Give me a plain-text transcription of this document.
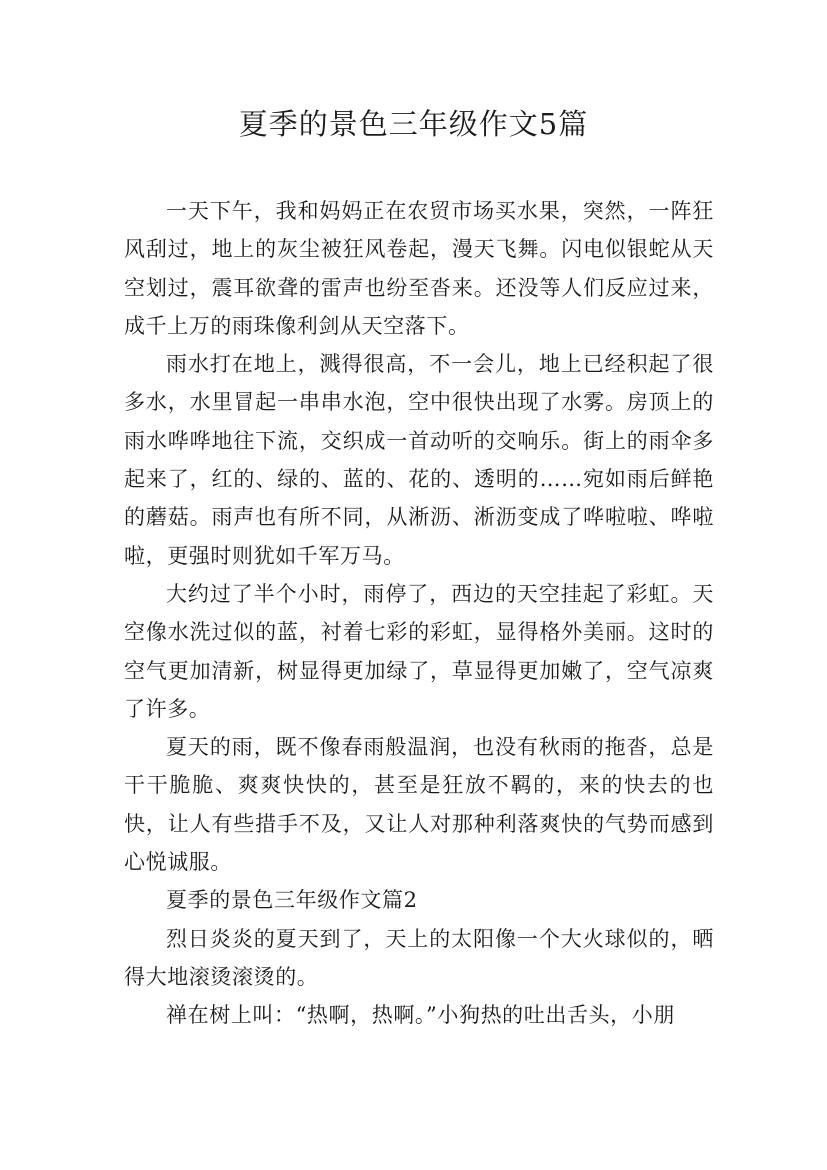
夏季的景色三年级作文5篇

一天下午，我和妈妈正在农贸市场买水果，突然，一阵狂风刮过，地上的灰尘被狂风卷起，漫天飞舞。闪电似银蛇从天空划过，震耳欲聋的雷声也纷至沓来。还没等人们反应过来，成千上万的雨珠像利剑从天空落下。

雨水打在地上，溅得很高，不一会儿，地上已经积起了很多水，水里冒起一串串水泡，空中很快出现了水雾。房顶上的雨水哗哗地往下流，交织成一首动听的交响乐。街上的雨伞多起来了，红的、绿的、蓝的、花的、透明的……宛如雨后鲜艳的蘑菇。雨声也有所不同，从淅沥、淅沥变成了哗啦啦、哗啦啦，更强时则犹如千军万马。

大约过了半个小时，雨停了，西边的天空挂起了彩虹。天空像水洗过似的蓝，衬着七彩的彩虹，显得格外美丽。这时的空气更加清新，树显得更加绿了，草显得更加嫩了，空气凉爽了许多。

夏天的雨，既不像春雨般温润，也没有秋雨的拖沓，总是干干脆脆、爽爽快快的，甚至是狂放不羁的，来的快去的也快，让人有些措手不及，又让人对那种利落爽快的气势而感到心悦诚服。

夏季的景色三年级作文篇2

烈日炎炎的夏天到了，天上的太阳像一个大火球似的，晒得大地滚烫滚烫的。

禅在树上叫：“热啊，热啊。”小狗热的吐出舌头，小朋
